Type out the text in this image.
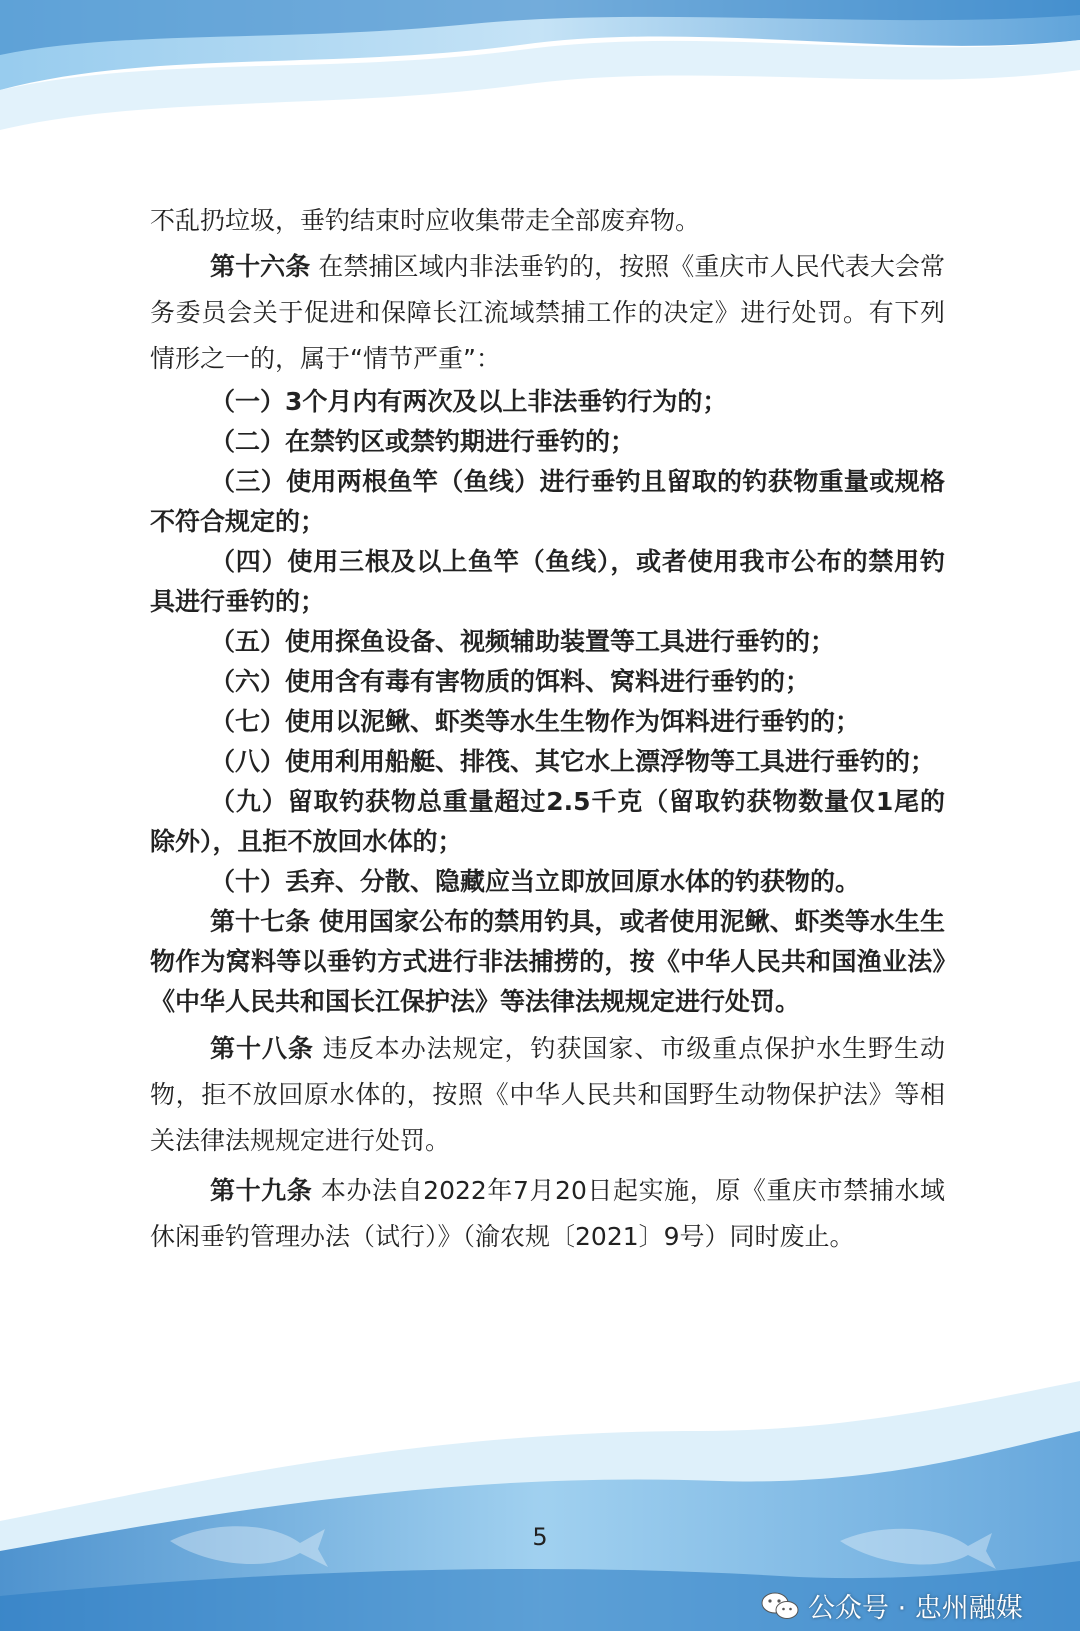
不乱扔垃圾，垂钓结束时应收集带走全部废弃物。

第十六条 在禁捕区域内非法垂钓的，按照《重庆市人民代表大会常务委员会关于促进和保障长江流域禁捕工作的决定》进行处罚。有下列情形之一的，属于“情节严重”：

（一）3个月内有两次及以上非法垂钓行为的；

（二）在禁钓区或禁钓期进行垂钓的；

（三）使用两根鱼竿（鱼线）进行垂钓且留取的钓获物重量或规格不符合规定的；

（四）使用三根及以上鱼竿（鱼线），或者使用我市公布的禁用钓具进行垂钓的；

（五）使用探鱼设备、视频辅助装置等工具进行垂钓的；

（六）使用含有毒有害物质的饵料、窝料进行垂钓的；

（七）使用以泥鳅、虾类等水生生物作为饵料进行垂钓的；

（八）使用利用船艇、排筏、其它水上漂浮物等工具进行垂钓的；

（九）留取钓获物总重量超过2.5千克（留取钓获物数量仅1尾的除外），且拒不放回水体的；

（十）丢弃、分散、隐藏应当立即放回原水体的钓获物的。

第十七条 使用国家公布的禁用钓具，或者使用泥鳅、虾类等水生生物作为窝料等以垂钓方式进行非法捕捞的，按《中华人民共和国渔业法》《中华人民共和国长江保护法》等法律法规规定进行处罚。

第十八条 违反本办法规定，钓获国家、市级重点保护水生野生动物，拒不放回原水体的，按照《中华人民共和国野生动物保护法》等相关法律法规规定进行处罚。

第十九条 本办法自2022年7月20日起实施，原《重庆市禁捕水域休闲垂钓管理办法（试行）》（渝农规〔2021〕9号）同时废止。

5
公众号 · 忠州融媒
